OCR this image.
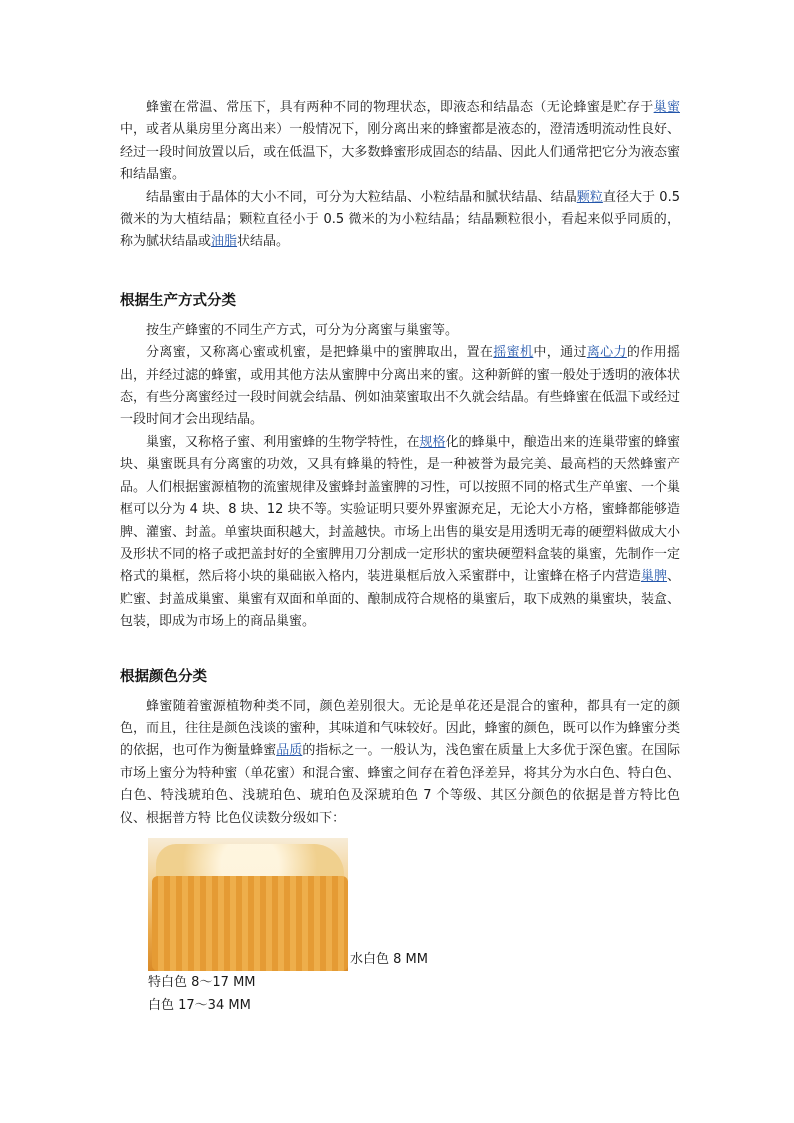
蜂蜜在常温、常压下，具有两种不同的物理状态，即液态和结晶态（无论蜂蜜是贮存于巢蜜中，或者从巢房里分离出来）一般情况下，刚分离出来的蜂蜜都是液态的，澄清透明流动性良好、经过一段时间放置以后，或在低温下，大多数蜂蜜形成固态的结晶、因此人们通常把它分为液态蜜和结晶蜜。

结晶蜜由于晶体的大小不同，可分为大粒结晶、小粒结晶和腻状结晶、结晶颗粒直径大于 0.5 微米的为大植结晶；颗粒直径小于 0.5 微米的为小粒结晶；结晶颗粒很小，看起来似乎同质的，称为腻状结晶或油脂状结晶。

根据生产方式分类

按生产蜂蜜的不同生产方式，可分为分离蜜与巢蜜等。

分离蜜，又称离心蜜或机蜜，是把蜂巢中的蜜脾取出，置在摇蜜机中，通过离心力的作用摇出，并经过滤的蜂蜜，或用其他方法从蜜脾中分离出来的蜜。这种新鲜的蜜一般处于透明的液体状态，有些分离蜜经过一段时间就会结晶、例如油菜蜜取出不久就会结晶。有些蜂蜜在低温下或经过一段时间才会出现结晶。

巢蜜，又称格子蜜、利用蜜蜂的生物学特性，在规格化的蜂巢中，酿造出来的连巢带蜜的蜂蜜块、巢蜜既具有分离蜜的功效，又具有蜂巢的特性，是一种被誉为最完美、最高档的天然蜂蜜产品。人们根据蜜源植物的流蜜规律及蜜蜂封盖蜜脾的习性，可以按照不同的格式生产单蜜、一个巢框可以分为 4 块、8 块、12 块不等。实验证明只要外界蜜源充足，无论大小方格，蜜蜂都能够造脾、灌蜜、封盖。单蜜块面积越大，封盖越快。市场上出售的巢安是用透明无毒的硬塑料做成大小及形状不同的格子或把盖封好的全蜜脾用刀分割成一定形状的蜜块硬塑料盒装的巢蜜，先制作一定格式的巢框，然后将小块的巢础嵌入格内，装进巢框后放入采蜜群中，让蜜蜂在格子内营造巢脾、贮蜜、封盖成巢蜜、巢蜜有双面和单面的、酿制成符合规格的巢蜜后，取下成熟的巢蜜块，装盒、包装，即成为市场上的商品巢蜜。

根据颜色分类

蜂蜜随着蜜源植物种类不同，颜色差别很大。无论是单花还是混合的蜜种，都具有一定的颜色，而且，往往是颜色浅谈的蜜种，其味道和气味较好。因此，蜂蜜的颜色，既可以作为蜂蜜分类的依据，也可作为衡量蜂蜜品质的指标之一。一般认为，浅色蜜在质量上大多优于深色蜜。在国际市场上蜜分为特种蜜（单花蜜）和混合蜜、蜂蜜之间存在着色泽差异，将其分为水白色、特白色、白色、特浅琥珀色、浅琥珀色、琥珀色及深琥珀色 7 个等级、其区分颜色的依据是普方特比色仪、根据普方特 比色仪读数分级如下：

水白色 8 MM
特白色 8～17 MM
白色 17～34 MM
